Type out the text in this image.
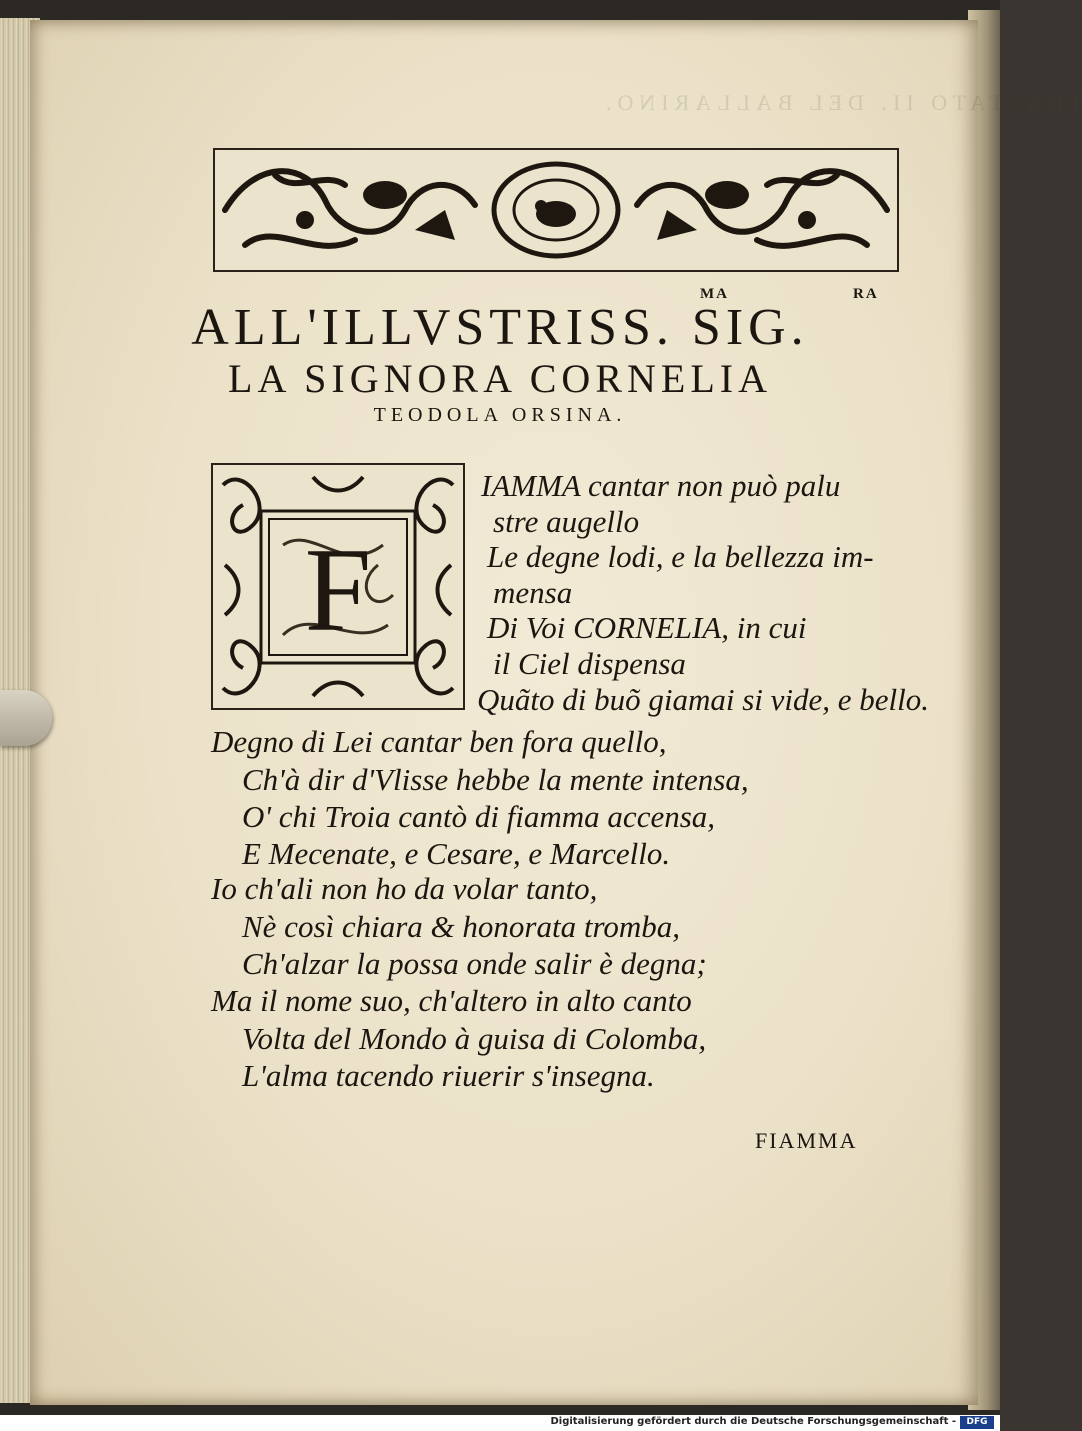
TRATTATO II. DEL BALLARINO.
ALL'ILLVSTRISS. SIG.
MA	RA
LA SIGNORA CORNELIA
TEODOLA ORSINA.
F
IAMMA cantar non può palu
stre augello
Le degne lodi, e la bellezza im-
mensa
Di Voi CORNELIA, in cui
il Ciel dispensa
Quãto di buõ giamai si vide, e bello.
Degno di Lei cantar ben fora quello,
Ch'à dir d'Vlisse hebbe la mente intensa,
O' chi Troia cantò di fiamma accensa,
E Mecenate, e Cesare, e Marcello.
Io ch'ali non ho da volar tanto,
Nè così chiara & honorata tromba,
Ch'alzar la possa onde salir è degna;
Ma il nome suo, ch'altero in alto canto
Volta del Mondo à guisa di Colomba,
L'alma tacendo riuerir s'insegna.
FIAMMA
Digitalisierung gefördert durch die Deutsche Forschungsgemeinschaft -	DFG
